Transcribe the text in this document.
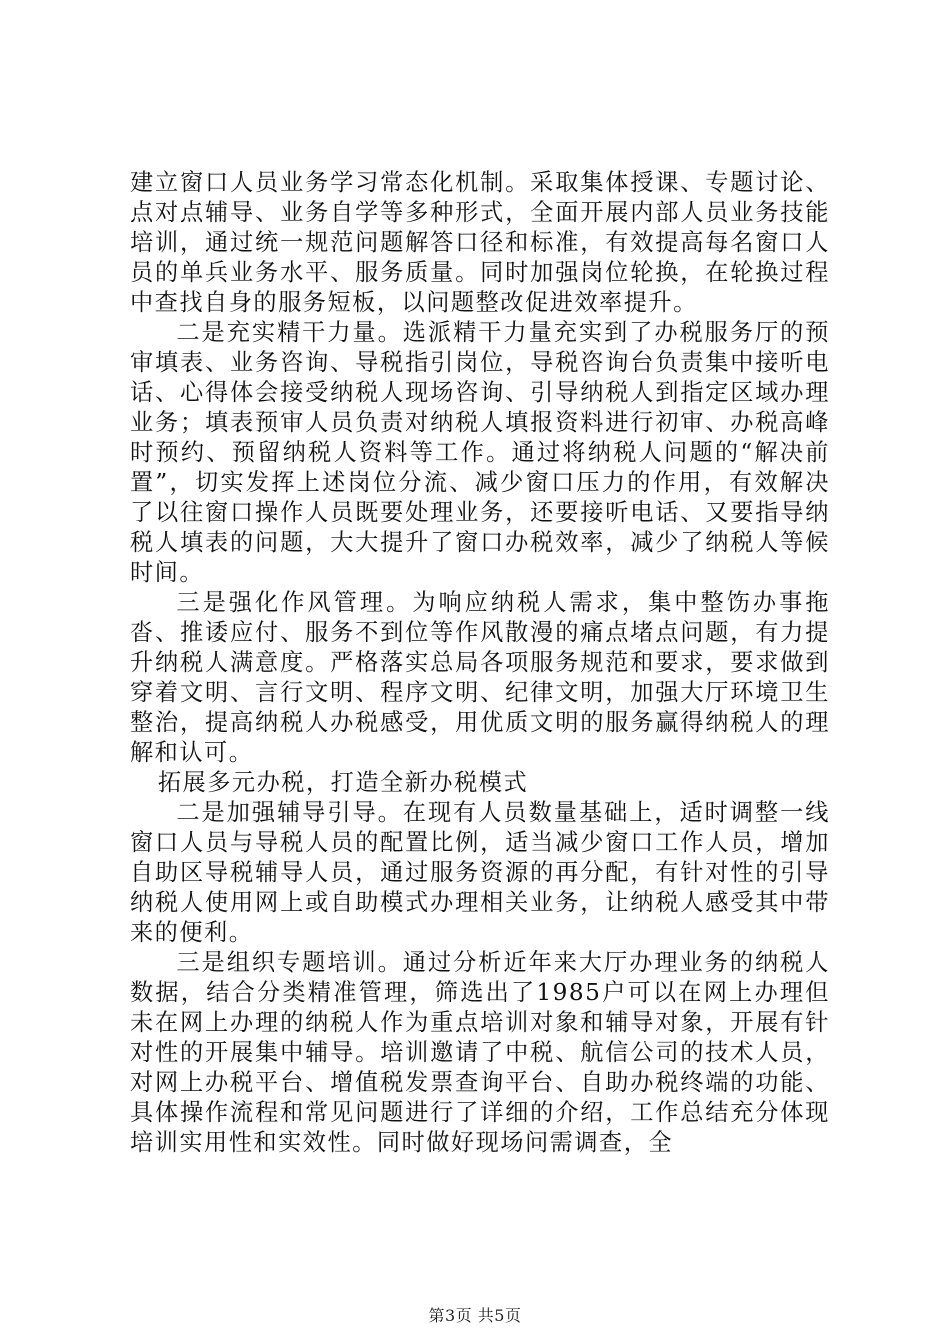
建立窗口人员业务学习常态化机制。采取集体授课、专题讨论、点对点辅导、业务自学等多种形式，全面开展内部人员业务技能培训，通过统一规范问题解答口径和标准，有效提高每名窗口人员的单兵业务水平、服务质量。同时加强岗位轮换，在轮换过程中查找自身的服务短板，以问题整改促进效率提升。

二是充实精干力量。选派精干力量充实到了办税服务厅的预审填表、业务咨询、导税指引岗位，导税咨询台负责集中接听电话、心得体会接受纳税人现场咨询、引导纳税人到指定区域办理业务；填表预审人员负责对纳税人填报资料进行初审、办税高峰时预约、预留纳税人资料等工作。通过将纳税人问题的“解决前置”，切实发挥上述岗位分流、减少窗口压力的作用，有效解决了以往窗口操作人员既要处理业务，还要接听电话、又要指导纳税人填表的问题，大大提升了窗口办税效率，减少了纳税人等候时间。

三是强化作风管理。为响应纳税人需求，集中整饬办事拖沓、推诿应付、服务不到位等作风散漫的痛点堵点问题，有力提升纳税人满意度。严格落实总局各项服务规范和要求，要求做到穿着文明、言行文明、程序文明、纪律文明，加强大厅环境卫生整治，提高纳税人办税感受，用优质文明的服务赢得纳税人的理解和认可。

拓展多元办税，打造全新办税模式

二是加强辅导引导。在现有人员数量基础上，适时调整一线窗口人员与导税人员的配置比例，适当减少窗口工作人员，增加自助区导税辅导人员，通过服务资源的再分配，有针对性的引导纳税人使用网上或自助模式办理相关业务，让纳税人感受其中带来的便利。

三是组织专题培训。通过分析近年来大厅办理业务的纳税人数据，结合分类精准管理，筛选出了1985户可以在网上办理但未在网上办理的纳税人作为重点培训对象和辅导对象，开展有针对性的开展集中辅导。培训邀请了中税、航信公司的技术人员，对网上办税平台、增值税发票查询平台、自助办税终端的功能、具体操作流程和常见问题进行了详细的介绍，工作总结充分体现培训实用性和实效性。同时做好现场问需调查，全

第3页 共5页
